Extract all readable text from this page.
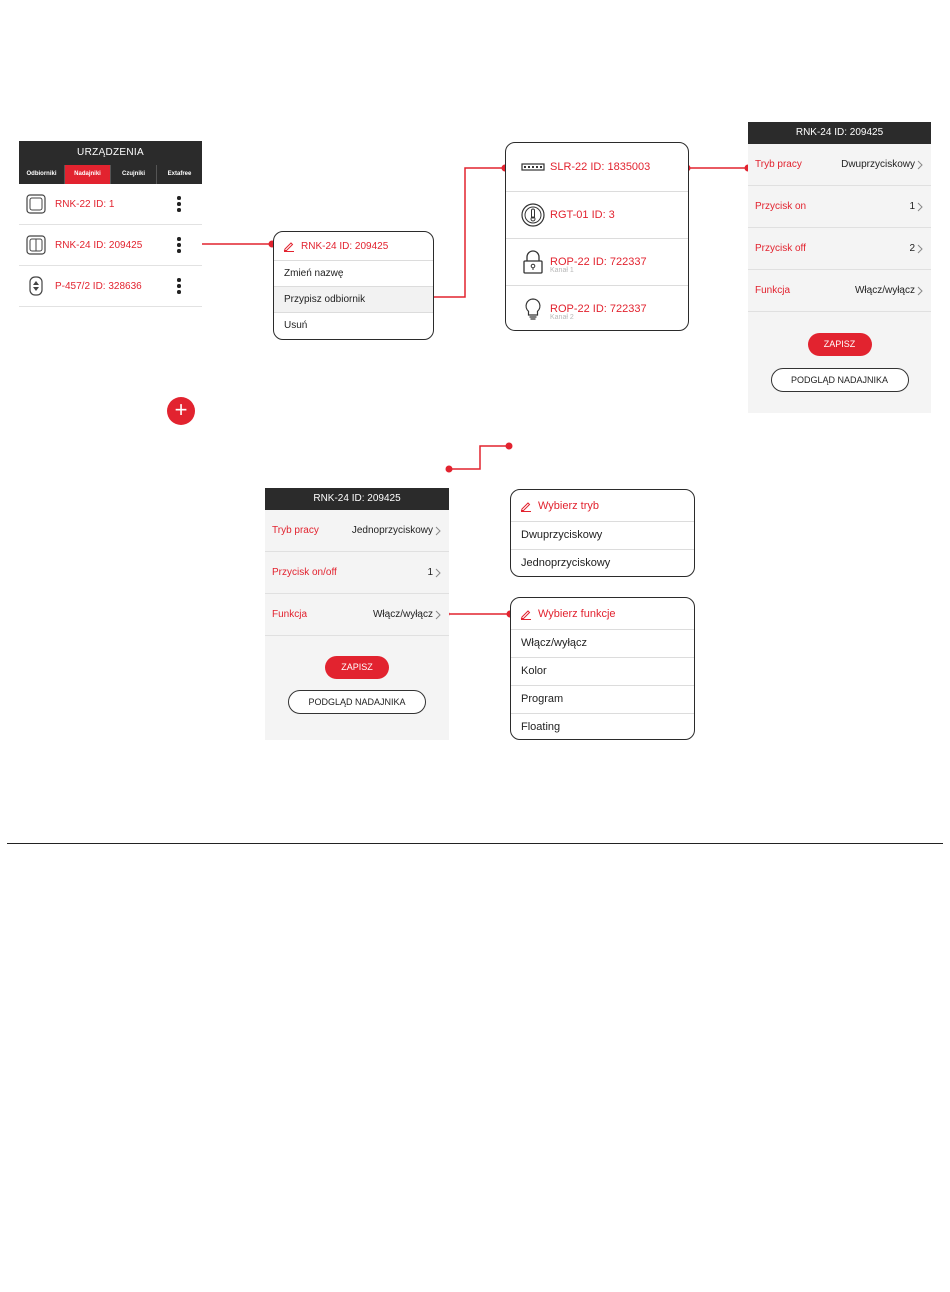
URZĄDZENIA
Odbiorniki	Nadajniki	Czujniki	Extafree
RNK-22 ID: 1
RNK-24 ID: 209425
P-457/2 ID: 328636
+
RNK-24 ID: 209425
Zmień nazwę
Przypisz odbiornik
Usuń
SLR-22 ID: 1835003
RGT-01 ID: 3
ROP-22 ID: 722337
Kanał 1
ROP-22 ID: 722337
Kanał 2
RNK-24 ID: 209425
Tryb pracy	Dwuprzyciskowy
Przycisk on	1
Przycisk off	2
Funkcja	Włącz/wyłącz
ZAPISZ
PODGLĄD NADAJNIKA
RNK-24 ID: 209425
Tryb pracy	Jednoprzyciskowy
Przycisk on/off	1
Funkcja	Włącz/wyłącz
ZAPISZ
PODGLĄD NADAJNIKA
Wybierz tryb
Dwuprzyciskowy
Jednoprzyciskowy
Wybierz funkcje
Włącz/wyłącz
Kolor
Program
Floating
